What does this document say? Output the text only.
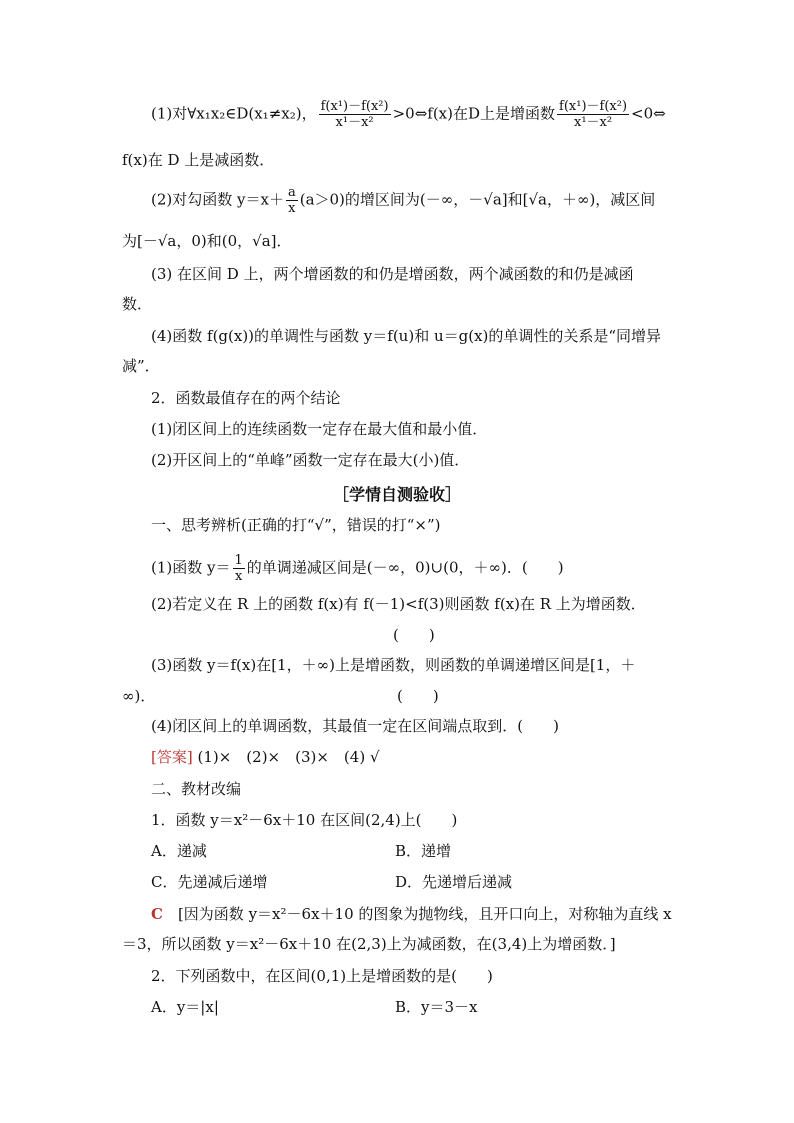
(1)对∀x₁x₂∈D(x₁≠x₂)， $\frac{\text{f(x¹)－f(x²)}}{\text{x¹－x²}}$ >0⇔f(x)在D上是增函数 $\frac{\text{f(x¹)－f(x²)}}{\text{x¹－x²}}$ <0⇔
f(x)在 D 上是减函数．
(2)对勾函数 $y=x+ \frac{a}{x} (a>0)$的增区间为(－∞，－√a]和[√a，＋∞)，减区间
为[－√a，0)和(0，√a]．
(3) 在区间 D 上，两个增函数的和仍是增函数，两个减函数的和仍是减函
数．
(4)函数 f(g(x))的单调性与函数 y＝f(u)和 u＝g(x)的单调性的关系是“同增异
减”．
2．函数最值存在的两个结论
(1)闭区间上的连续函数一定存在最大值和最小值．
(2)开区间上的“单峰”函数一定存在最大(小)值．
［学情自测验收］
一、思考辨析(正确的打“√”，错误的打“×”)
(1)函数 $y= \frac{1}{x}$ 的单调递减区间是(－∞，0)∪(0，＋∞)．(　　)
(2)若定义在 R 上的函数 f(x)有 f(－1)<f(3)则函数 f(x)在 R 上为增函数．
(　　)
(3)函数 y＝f(x)在[1，＋∞)上是增函数，则函数的单调递增区间是[1，＋
∞)．	(　　)
(4)闭区间上的单调函数，其最值一定在区间端点取到．(　　)
[答案] (1)×　(2)×　(3)×　(4) √
二、教材改编
1．函数 y＝x²－6x＋10 在区间(2,4)上(　　)
A．递减	B．递增
C．先递减后递增	D．先递增后递减
C　[因为函数 y＝x²－6x＋10 的图象为抛物线，且开口向上，对称轴为直线 x
＝3，所以函数 y＝x²－6x＋10 在(2,3)上为减函数，在(3,4)上为增函数．]
2．下列函数中，在区间(0,1)上是增函数的是(　　)
A．y＝|x|	B．y＝3－x
